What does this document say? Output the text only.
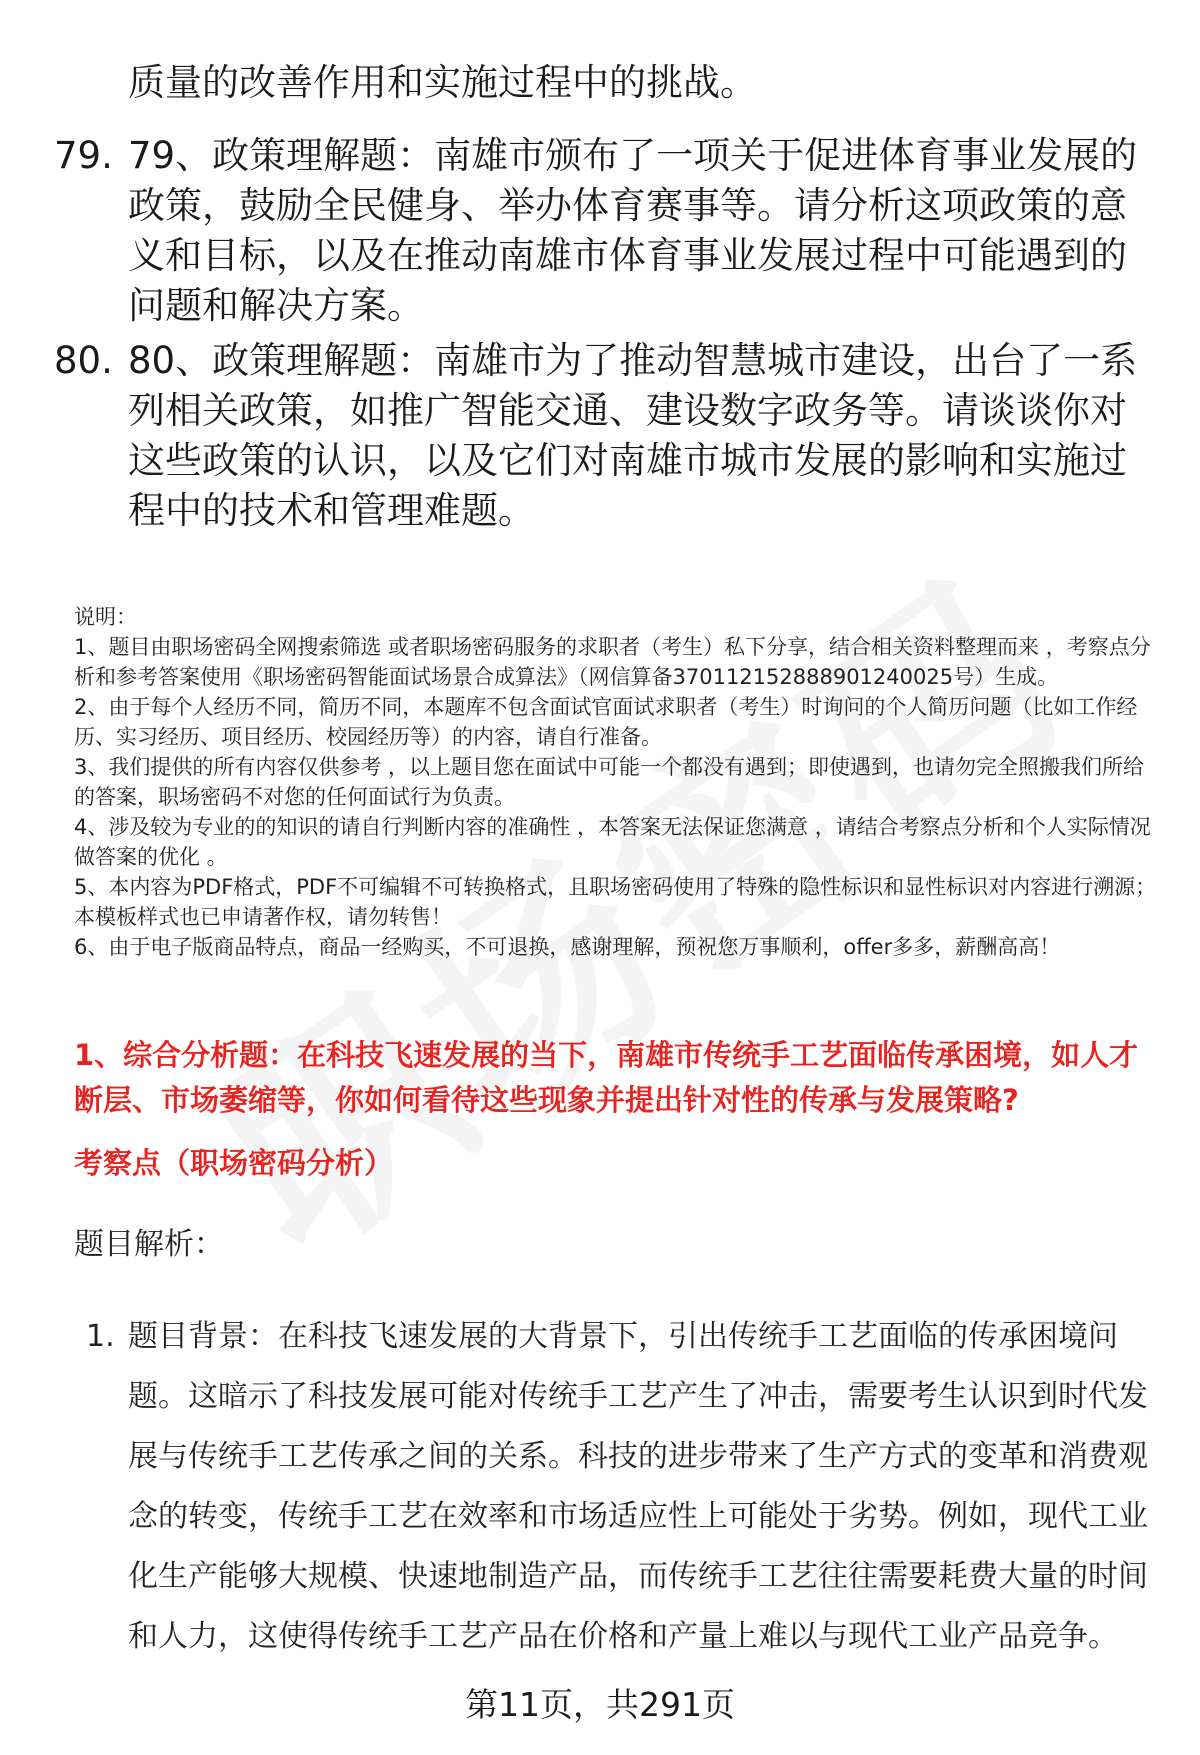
质量的改善作用和实施过程中的挑战。
79. 79、政策理解题：南雄市颁布了一项关于促进体育事业发展的政策，鼓励全民健身、举办体育赛事等。请分析这项政策的意义和目标，以及在推动南雄市体育事业发展过程中可能遇到的问题和解决方案。
80. 80、政策理解题：南雄市为了推动智慧城市建设，出台了一系列相关政策，如推广智能交通、建设数字政务等。请谈谈你对这些政策的认识，以及它们对南雄市城市发展的影响和实施过程中的技术和管理难题。

说明：

1、题目由职场密码全网搜索筛选 或者职场密码服务的求职者（考生）私下分享，结合相关资料整理而来 ，考察点分析和参考答案使用《职场密码智能面试场景合成算法》（网信算备370112152888901240025号）生成。

2、由于每个人经历不同，简历不同，本题库不包含面试官面试求职者（考生）时询问的个人简历问题（比如工作经历、实习经历、项目经历、校园经历等）的内容，请自行准备。

3、我们提供的所有内容仅供参考 ，以上题目您在面试中可能一个都没有遇到；即使遇到，也请勿完全照搬我们所给的答案，职场密码不对您的任何面试行为负责。

4、涉及较为专业的的知识的请自行判断内容的准确性 ，本答案无法保证您满意 ，请结合考察点分析和个人实际情况做答案的优化 。

5、本内容为PDF格式，PDF不可编辑不可转换格式，且职场密码使用了特殊的隐性标识和显性标识对内容进行溯源；本模板样式也已申请著作权，请勿转售！

6、由于电子版商品特点，商品一经购买，不可退换，感谢理解，预祝您万事顺利，offer多多，薪酬高高！

1、综合分析题：在科技飞速发展的当下，南雄市传统手工艺面临传承困境，如人才断层、市场萎缩等，你如何看待这些现象并提出针对性的传承与发展策略?
考察点（职场密码分析）
题目解析：
1. 题目背景：在科技飞速发展的大背景下，引出传统手工艺面临的传承困境问题。这暗示了科技发展可能对传统手工艺产生了冲击，需要考生认识到时代发展与传统手工艺传承之间的关系。科技的进步带来了生产方式的变革和消费观念的转变，传统手工艺在效率和市场适应性上可能处于劣势。例如，现代工业化生产能够大规模、快速地制造产品，而传统手工艺往往需要耗费大量的时间和人力，这使得传统手工艺产品在价格和产量上难以与现代工业产品竞争。
第11页，共291页
